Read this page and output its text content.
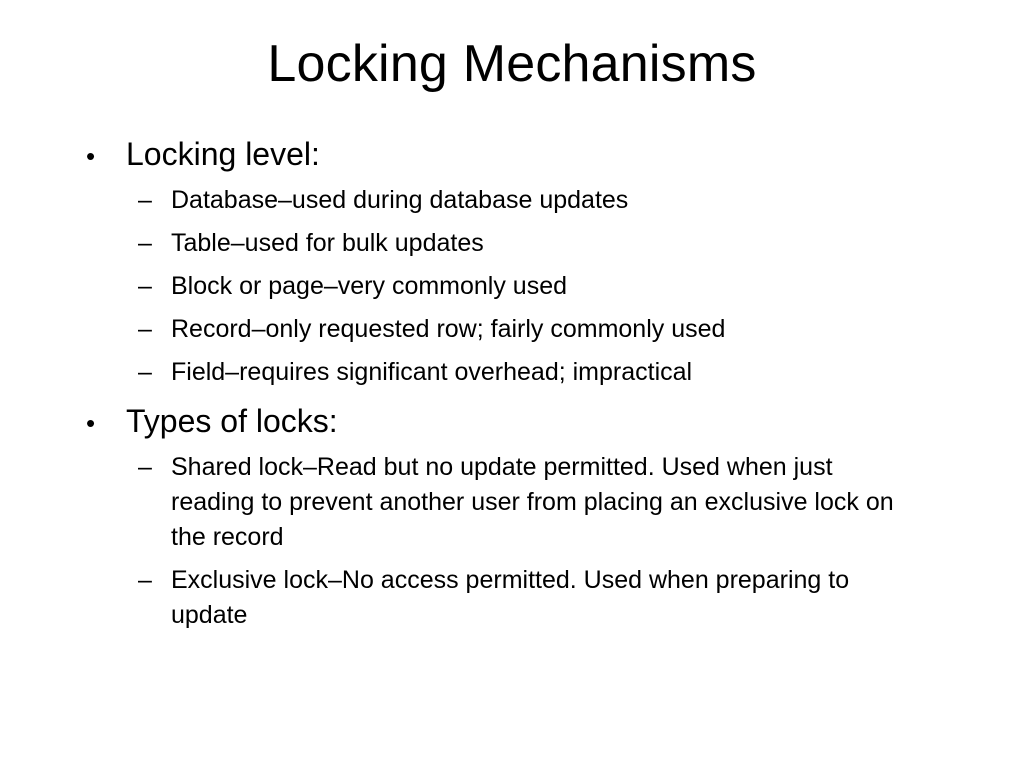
Locking Mechanisms
• Locking level:
– Database–used during database updates
– Table–used for bulk updates
– Block or page–very commonly used
– Record–only requested row; fairly commonly used
– Field–requires significant overhead; impractical
• Types of locks:
– Shared lock–Read but no update permitted. Used when just reading to prevent another user from placing an exclusive lock on the record
– Exclusive lock–No access permitted. Used when preparing to update
